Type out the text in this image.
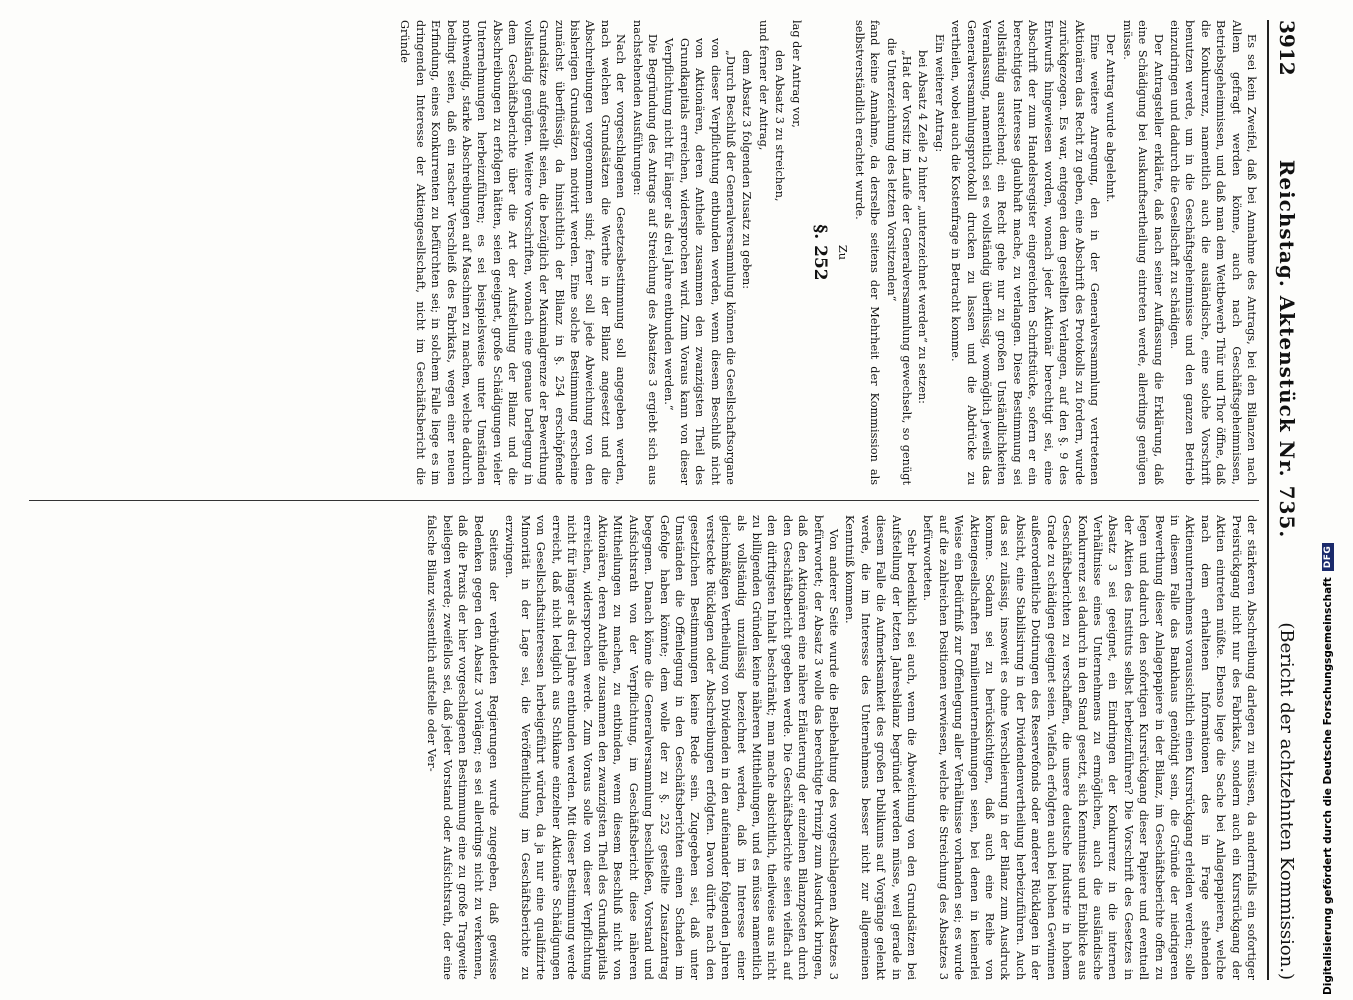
3912
Reichstag. Aktenstück Nr. 735.
(Bericht der achtzehnten Kommission.)

Es sei kein Zweifel, daß bei Annahme des Antrags, bei den Bilanzen nach Allem gefragt werden könne, auch nach Geschäftsgeheimnissen, Betriebsgeheimnissen, und daß man dem Wettbewerb Thür und Thor öffne, daß die Konkurrenz, namentlich auch die ausländische, eine solche Vorschrift benutzen werde, um in die Geschäftsgeheimnisse und den ganzen Betrieb einzudringen und dadurch die Gesellschaft zu schädigen.

Der Antragsteller erklärte, daß nach seiner Auffassung die Erklärung, daß eine Schädigung bei Auskunftsertheilung eintreten werde, allerdings genügen müsse.

Der Antrag wurde abgelehnt.

Eine weitere Anregung, den in der Generalversammlung vertretenen Aktionären das Recht zu geben, eine Abschrift des Protokolls zu fordern, wurde zurückgezogen. Es war, entgegen dem gestellten Verlangen, auf den §. 9 des Entwurfs hingewiesen worden, wonach jeder Aktionär berechtigt sei, eine Abschrift der zum Handelsregister eingereichten Schriftstücke, sofern er ein berechtigtes Interesse glaubhaft mache, zu verlangen. Diese Bestimmung sei vollständig ausreichend; ein Recht gehe nur zu großen Unständlichkeiten Veranlassung, namentlich sei es vollständig überflüssig, womöglich jeweils das Generalversammlungsprotokoll drucken zu lassen und die Abdrücke zu vertheilen, wobei auch die Kostenfrage in Betracht komme.

Ein weiterer Antrag:

bei Absatz 4 Zeile 2 hinter „unterzeichnet werden“ zu setzen:

„Hat der Vorsitz im Laufe der Generalversammlung gewechselt, so genügt die Unterzeichnung des letzten Vorsitzenden“

fand keine Annahme, da derselbe seitens der Mehrheit der Kommission als selbstverständlich erachtet wurde.

Zu

§. 252

lag der Antrag vor,

den Absatz 3 zu streichen,

und ferner der Antrag,

dem Absatz 3 folgenden Zusatz zu geben:

„Durch Beschluß der Generalversammlung können die Gesellschaftsorgane von dieser Verpflichtung entbunden werden, wenn diesem Beschluß nicht von Aktionären, deren Antheile zusammen den zwanzigsten Theil des Grundkapitals erreichen, widersprochen wird. Zum Voraus kann von dieser Verpflichtung nicht für länger als drei Jahre entbunden werden.“

Die Begründung des Antrags auf Streichung des Absatzes 3 ergiebt sich aus nachstehenden Ausführungen:

Nach der vorgeschlagenen Gesetzesbestimmung soll angegeben werden, nach welchen Grundsätzen die Werthe in der Bilanz angesetzt und die Abschreibungen vorgenommen sind; ferner soll jede Abweichung von den bisherigen Grundsätzen motivirt werden. Eine solche Bestimmung erscheine zunächst überflüssig, da hinsichtlich der Bilanz in §. 254 erschöpfende Grundsätze aufgestellt seien, die bezüglich der Maximalgrenze der Bewerthung vollständig genügten. Weitere Vorschriften, wonach eine genaue Darlegung in dem Geschäftsberichte über die Art der Aufstellung der Bilanz und die Abschreibungen zu erfolgen hätten, seien geeignet, große Schädigungen vieler Unternehmungen herbeizuführen; es sei beispielsweise unter Umständen nothwendig, starke Abschreibungen auf Maschinen zu machen, welche dadurch bedingt seien, daß ein rascher Verschleiß des Fabrikats, wegen einer neuen Erfindung, eines Konkurrenten zu befürchten sei; in solchem Falle liege es im dringenden Interesse der Aktiengesellschaft, nicht im Geschäftsbericht die Gründe

der stärkeren Abschreibung darlegen zu müssen, da andernfalls ein sofortiger Preisrückgang nicht nur des Fabrikats, sondern auch ein Kursrückgang der Aktien eintreten müßte. Ebenso liege die Sache bei Anlagepapieren, welche nach dem erhaltenen Informationen des in Frage stehenden Aktienunternehmens voraussichtlich einen Kursrückgang erleiden werden; solle in diesem Falle das Bankhaus genöthigt sein, die Gründe der niedrigeren Bewerthung dieser Anlagepapiere in der Bilanz, im Geschäftsberichte offen zu legen und dadurch den sofortigen Kursrückgang dieser Papiere und eventuell der Aktien des Instituts selbst herbeizuführen? Die Vorschrift des Gesetzes in Absatz 3 sei geeignet, ein Eindringen der Konkurrenz in die internen Verhältnisse eines Unternehmens zu ermöglichen, auch die ausländische Konkurrenz sei dadurch in den Stand gesetzt, sich Kenntnisse und Einblicke aus Geschäftsberichten zu verschaffen, die unsere deutsche Industrie in hohem Grade zu schädigen geeignet seien. Vielfach erfolgten auch bei hohen Gewinnen außerordentliche Dotirungen des Reservefonds oder anderer Rücklagen in der Absicht, eine Stabilisirung in der Dividendenvertheilung herbeizuführen. Auch das sei zulässig, insoweit es ohne Verschleierung in der Bilanz zum Ausdruck komme. Sodann sei zu berücksichtigen, daß auch eine Reihe von Aktiengesellschaften Familienunternehmungen seien, bei denen in keinerlei Weise ein Bedürfniß zur Offenlegung aller Verhältnisse vorhanden sei; es wurde auf die zahlreichen Positionen verwiesen, welche die Streichung des Absatzes 3 befürworteten.

Sehr bedenklich sei auch, wenn die Abweichung von den Grundsätzen bei Aufstellung der letzten Jahresbilanz begründet werden müsse, weil gerade in diesem Falle die Aufmerksamkeit des großen Publikums auf Vorgänge gelenkt werde, die im Interesse des Unternehmens besser nicht zur allgemeinen Kenntniß kommen.

Von anderer Seite wurde die Beibehaltung des vorgeschlagenen Absatzes 3 befürwortet; der Absatz 3 wolle das berechtigte Prinzip zum Ausdruck bringen, daß den Aktionären eine nähere Erläuterung der einzelnen Bilanzposten durch den Geschäftsbericht gegeben werde. Die Geschäftsberichte seien vielfach auf den dürftigsten Inhalt beschränkt; man mache absichtlich, theilweise aus nicht zu billigenden Gründen keine näheren Mittheilungen, und es müsse namentlich als vollständig unzulässig bezeichnet werden, daß im Interesse einer gleichmäßigen Vertheilung von Dividenden in den aufeinander folgenden Jahren versteckte Rücklagen oder Abschreibungen erfolgten. Davon dürfte nach den gesetzlichen Bestimmungen keine Rede sein. Zugegeben sei, daß unter Umständen die Offenlegung in den Geschäftsberichten einen Schaden im Gefolge haben könnte; dem wolle der zu §. 252 gestellte Zusatzantrag begegnen. Danach könne die Generalversammlung beschließen, Vorstand und Aufsichtsrath von der Verpflichtung, im Geschäftsbericht diese näheren Mittheilungen zu machen, zu entbinden, wenn diesem Beschluß nicht von Aktionären, deren Antheile zusammen den zwanzigsten Theil des Grundkapitals erreichen, widersprochen werde. Zum Voraus solle von dieser Verpflichtung nicht für länger als drei Jahre entbunden werden. Mit dieser Bestimmung werde erreicht, daß nicht lediglich aus Schikane einzelner Aktionäre Schädigungen von Gesellschaftsinteressen herbeigeführt würden, da ja nur eine qualifizirte Minorität in der Lage sei, die Veröffentlichung im Geschäftsberichte zu erzwingen.

Seitens der verbündeten Regierungen wurde zugegeben, daß gewisse Bedenken gegen den Absatz 3 vorlägen; es sei allerdings nicht zu verkennen, daß die Praxis der hier vorgeschlagenen Bestimmung eine zu große Tragweite beilegen werde; zweifellos sei, daß jeder Vorstand oder Aufsichtsrath, der eine falsche Bilanz wissentlich aufstelle oder Ver-	Digitalisierung gefördert durch die Deutsche Forschungsgemeinschaft
DFG
